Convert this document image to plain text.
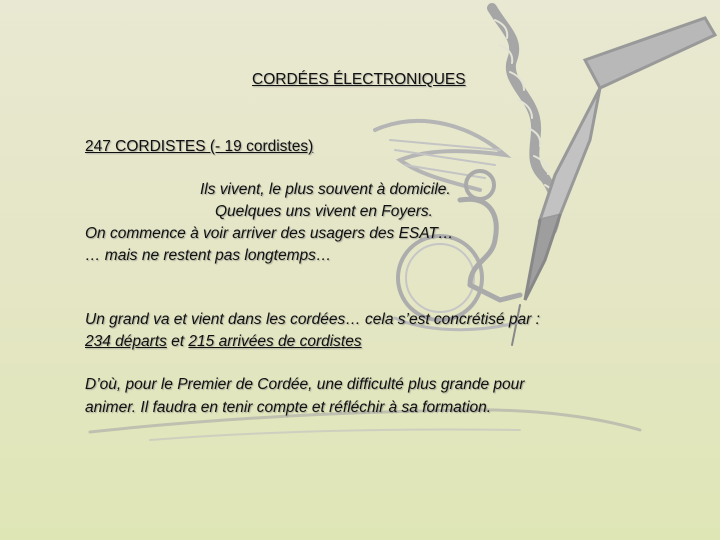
CORDÉES ÉLECTRONIQUES
247 CORDISTES (- 19 cordistes)
Ils vivent, le plus souvent à domicile.
Quelques uns vivent en Foyers.
On commence à voir arriver des usagers des ESAT…
… mais ne restent pas longtemps…
Un grand va et vient dans les cordées… cela s’est concrétisé par :
234 départs et 215 arrivées de cordistes
D’où, pour le Premier de Cordée, une difficulté plus grande pour
animer. Il faudra en tenir compte et réfléchir à sa formation.
